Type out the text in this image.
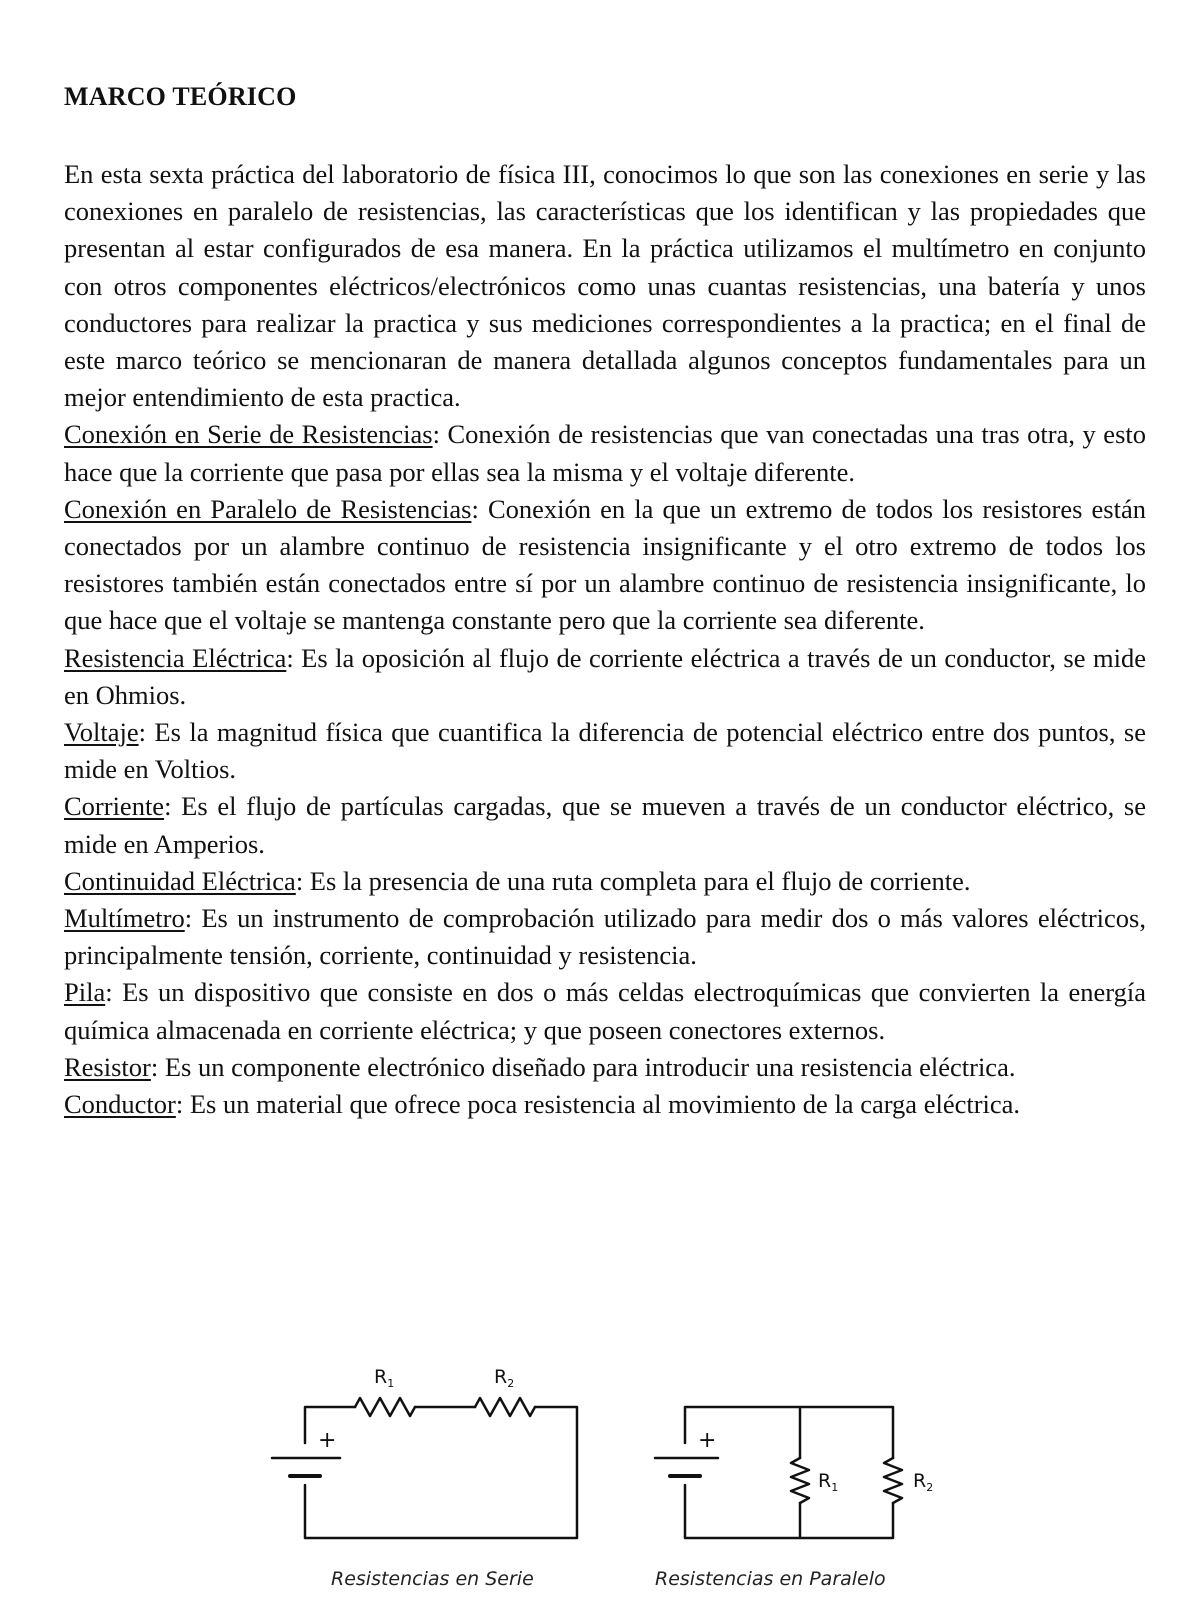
MARCO TEÓRICO

En esta sexta práctica del laboratorio de física III, conocimos lo que son las conexiones en serie y las conexiones en paralelo de resistencias, las características que los identifican y las propiedades que presentan al estar configurados de esa manera. En la práctica utilizamos el multímetro en conjunto con otros componentes eléctricos/electrónicos como unas cuantas resistencias, una batería y unos conductores para realizar la practica y sus mediciones correspondientes a la practica; en el final de este marco teórico se mencionaran de manera detallada algunos conceptos fundamentales para un mejor entendimiento de esta practica.

Conexión en Serie de Resistencias: Conexión de resistencias que van conectadas una tras otra, y esto hace que la corriente que pasa por ellas sea la misma y el voltaje diferente.

Conexión en Paralelo de Resistencias: Conexión en la que un extremo de todos los resistores están conectados por un alambre continuo de resistencia insignificante y el otro extremo de todos los resistores también están conectados entre sí por un alambre continuo de resistencia insignificante, lo que hace que el voltaje se mantenga constante pero que la corriente sea diferente.

Resistencia Eléctrica: Es la oposición al flujo de corriente eléctrica a través de un conductor, se mide en Ohmios.

Voltaje: Es la magnitud física que cuantifica la diferencia de potencial eléctrico entre dos puntos, se mide en Voltios.

Corriente: Es el flujo de partículas cargadas, que se mueven a través de un conductor eléctrico, se mide en Amperios.

Continuidad Eléctrica: Es la presencia de una ruta completa para el flujo de corriente.

Multímetro: Es un instrumento de comprobación utilizado para medir dos o más valores eléctricos, principalmente tensión, corriente, continuidad y resistencia.

Pila: Es un dispositivo que consiste en dos o más celdas electroquímicas que convierten la energía química almacenada en corriente eléctrica; y que poseen conectores externos.

Resistor: Es un componente electrónico diseñado para introducir una resistencia eléctrica.

Conductor: Es un material que ofrece poca resistencia al movimiento de la carga eléctrica.

+
$R_1$	$R_2$
Resistencias en Serie
+
$R_1$	$R_2$
Resistencias en Paralelo
